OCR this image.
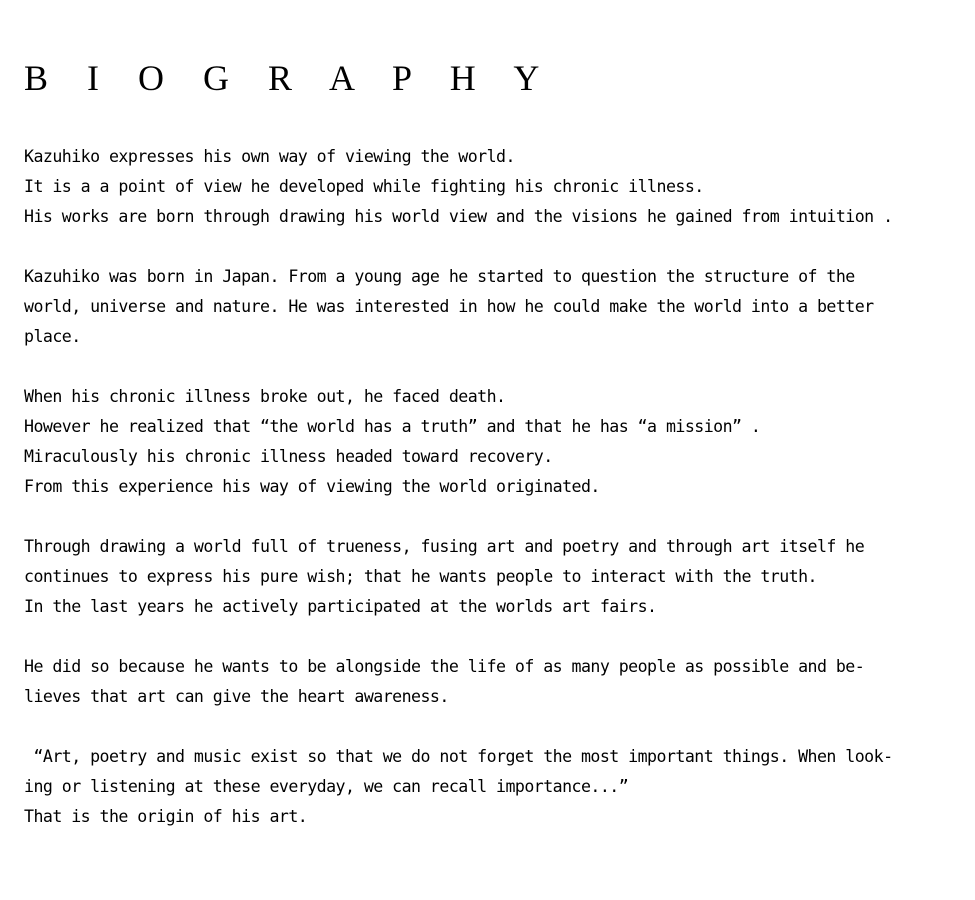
B I O G R A P H Y
Kazuhiko expresses his own way of viewing the world.
It is a a point of view he developed while fighting his chronic illness.
His works are born through drawing his world view and the visions he gained from intuition .
Kazuhiko was born in Japan. From a young age he started to question the structure of the
world, universe and nature. He was interested in how he could make the world into a better
place.
When his chronic illness broke out, he faced death.
However he realized that “the world has a truth” and that he has “a mission” .
Miraculously his chronic illness headed toward recovery.
From this experience his way of viewing the world originated.
Through drawing a world full of trueness, fusing art and poetry and through art itself he
continues to express his pure wish; that he wants people to interact with the truth.
In the last years he actively participated at the worlds art fairs.
He did so because he wants to be alongside the life of as many people as possible and be-
lieves that art can give the heart awareness.
“Art, poetry and music exist so that we do not forget the most important things. When look-
ing or listening at these everyday, we can recall importance...”
That is the origin of his art.
